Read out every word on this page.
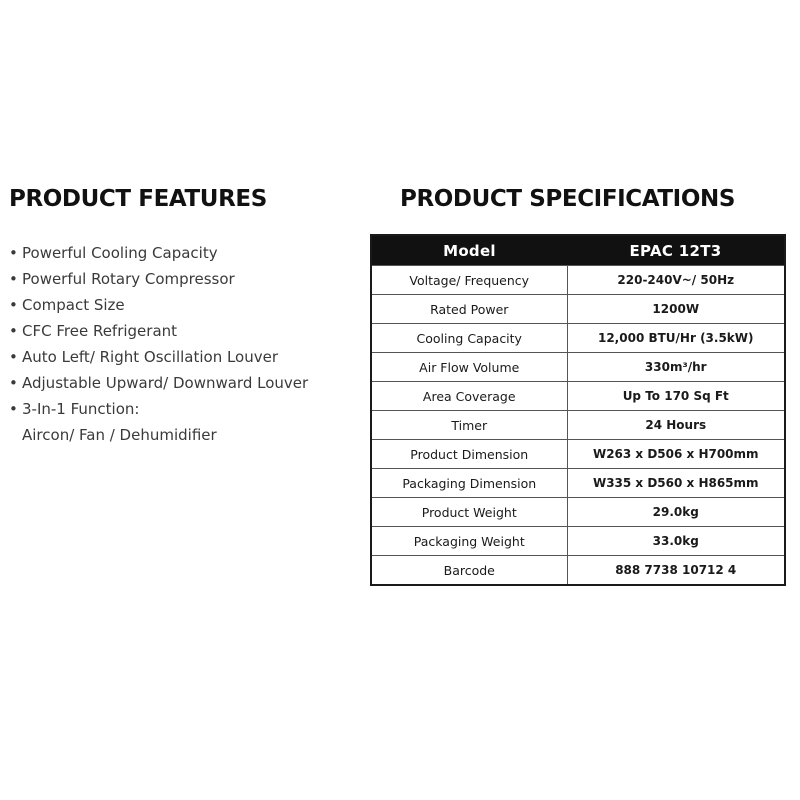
PRODUCT FEATURES
• Powerful Cooling Capacity
• Powerful Rotary Compressor
• Compact Size
• CFC Free Refrigerant
• Auto Left/ Right Oscillation Louver
• Adjustable Upward/ Downward Louver
• 3-In-1 Function:
Aircon/ Fan / Dehumidifier
PRODUCT SPECIFICATIONS
Model	EPAC 12T3
Voltage/ Frequency	220-240V~/ 50Hz
Rated Power	1200W
Cooling Capacity	12,000 BTU/Hr (3.5kW)
Air Flow Volume	330m³/hr
Area Coverage	Up To 170 Sq Ft
Timer	24 Hours
Product Dimension	W263 x D506 x H700mm
Packaging Dimension	W335 x D560 x H865mm
Product Weight	29.0kg
Packaging Weight	33.0kg
Barcode	888 7738 10712 4
